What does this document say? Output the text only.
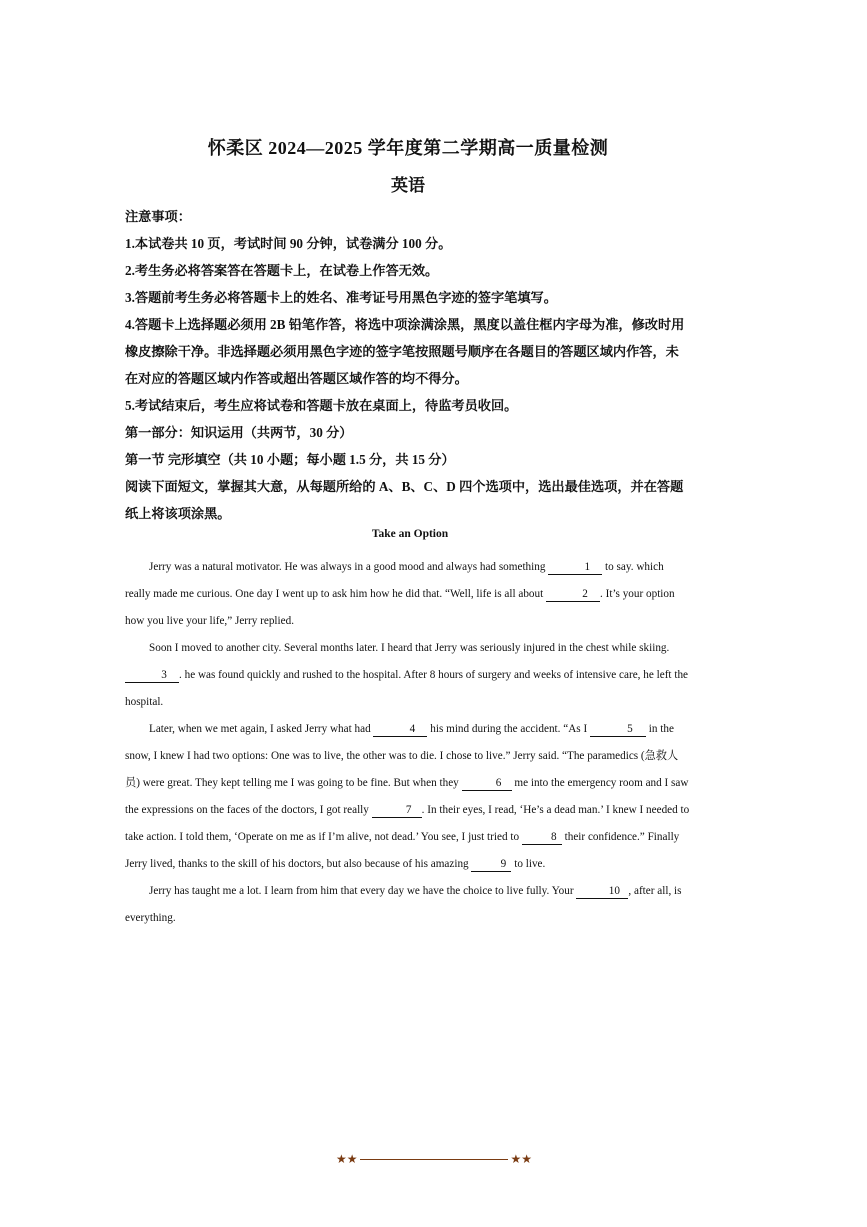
怀柔区 2024—2025 学年度第二学期高一质量检测
英语

注意事项：

1.本试卷共 10 页，考试时间 90 分钟，试卷满分 100 分。

2.考生务必将答案答在答题卡上，在试卷上作答无效。

3.答题前考生务必将答题卡上的姓名、准考证号用黑色字迹的签字笔填写。

4.答题卡上选择题必须用 2B 铅笔作答，将选中项涂满涂黑，黑度以盖住框内字母为准，修改时用橡皮擦除干净。非选择题必须用黑色字迹的签字笔按照题号顺序在各题目的答题区域内作答，未在对应的答题区域内作答或超出答题区域作答的均不得分。

5.考试结束后，考生应将试卷和答题卡放在桌面上，待监考员收回。

第一部分：知识运用（共两节，30 分）

第一节 完形填空（共 10 小题；每小题 1.5 分，共 15 分）

阅读下面短文，掌握其大意，从每题所给的 A、B、C、D 四个选项中，选出最佳选项，并在答题纸上将该项涂黑。

Take an Option

Jerry was a natural motivator. He was always in a good mood and always had something	1 to say. which really made me curious. One day I went up to ask him how he did that. “Well, life is all about	2 . It’s your option how you live your life,” Jerry replied.

Soon I moved to another city. Several months later. I heard that Jerry was seriously injured in the chest while skiing. 3 . he was found quickly and rushed to the hospital. After 8 hours of surgery and weeks of intensive care, he left the hospital.

Later, when we met again, I asked Jerry what had	4 his mind during the accident. “As I	5 in the snow, I knew I had two options: One was to live, the other was to die. I chose to live.” Jerry said. “The paramedics (急救人员) were great. They kept telling me I was going to be fine. But when they	6 me into the emergency room and I saw the expressions on the faces of the doctors, I got really	7 . In their eyes, I read, ‘He’s a dead man.’ I knew I needed to take action. I told them, ‘Operate on me as if I’m alive, not dead.’ You see, I just tried to	8 their confidence.” Finally Jerry lived, thanks to the skill of his doctors, but also because of his amazing	9 to live.

Jerry has taught me a lot. I learn from him that every day we have the choice to live fully. Your	10 , after all, is everything.

★★	★★
